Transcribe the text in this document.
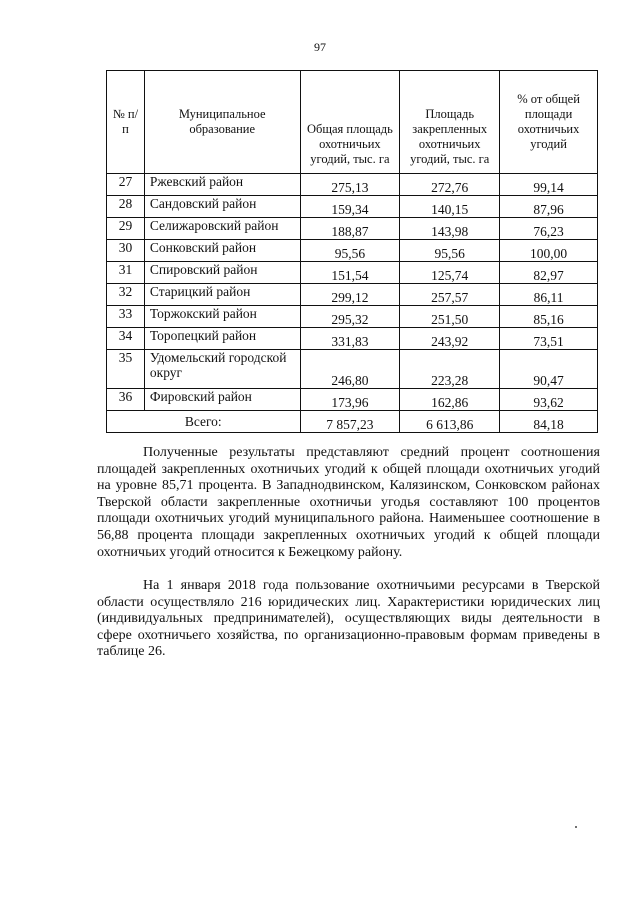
97
№ п/п	Муниципальное образование	Общая площадь охотничьих угодий, тыс. га	Площадь закрепленных охотничьих угодий, тыс. га	% от общей площади охотничьих угодий
27	Ржевский район	275,13	272,76	99,14
28	Сандовский район	159,34	140,15	87,96
29	Селижаровский район	188,87	143,98	76,23
30	Сонковский район	95,56	95,56	100,00
31	Спировский район	151,54	125,74	82,97
32	Старицкий район	299,12	257,57	86,11
33	Торжокский район	295,32	251,50	85,16
34	Торопецкий район	331,83	243,92	73,51
35	Удомельский городской округ	246,80	223,28	90,47
36	Фировский район	173,96	162,86	93,62
Всего:		7 857,23	6 613,86	84,18

Полученные результаты представляют средний процент соотношения площадей закрепленных охотничьих угодий к общей площади охотничьих угодий на уровне 85,71 процента. В Западнодвинском, Калязинском, Сонковском районах Тверской области закрепленные охотничьи угодья составляют 100 процентов площади охотничьих угодий муниципального района. Наименьшее соотношение в 56,88 процента площади закрепленных охотничьих угодий к общей площади охотничьих угодий относится к Бежецкому району.

На 1 января 2018 года пользование охотничьими ресурсами в Тверской области осуществляло 216 юридических лиц. Характеристики юридических лиц (индивидуальных предпринимателей), осуществляющих виды деятельности в сфере охотничьего хозяйства, по организационно-правовым формам приведены в таблице 26.
